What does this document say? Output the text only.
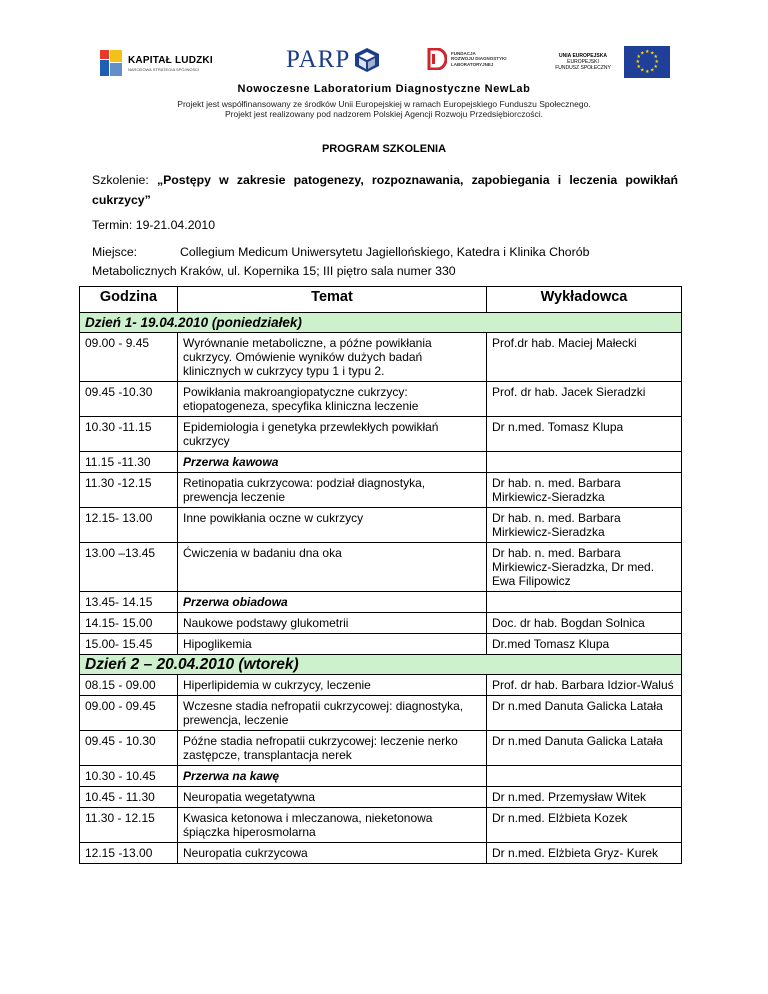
KAPITAŁ LUDZKI
NARODOWA STRATEGIA SPÓJNOŚCI	PARP	FUNDACJA
ROZWOJU DIAGNOSTYKI
LABORATORYJNEJ
UNIA EUROPEJSKA
EUROPEJSKI
FUNDUSZ SPOŁECZNY
★ ★
★
★
★
★
★
★
★
★
★
★
Nowoczesne Laboratorium Diagnostyczne NewLab
Projekt jest współfinansowany ze środków Unii Europejskiej w ramach Europejskiego Funduszu Społecznego.
Projekt jest realizowany pod nadzorem Polskiej Agencji Rozwoju Przedsiębiorczości.
PROGRAM SZKOLENIA
Szkolenie: „Postępy w zakresie patogenezy, rozpoznawania, zapobiegania i leczenia powikłań cukrzycy”
Termin: 19-21.04.2010
Miejsce:	Collegium Medicum Uniwersytetu Jagiellońskiego, Katedra i Klinika Chorób
Metabolicznych Kraków, ul. Kopernika 15; III piętro sala numer 330
Godzina	Temat	Wykładowca
Dzień 1- 19.04.2010 (poniedziałek)		
09.00 - 9.45	Wyrównanie metaboliczne, a późne powikłania cukrzycy. Omówienie wyników dużych badań klinicznych w cukrzycy typu 1 i typu 2.	Prof.dr hab. Maciej Małecki
09.45 -10.30	Powikłania makroangiopatyczne cukrzycy: etiopatogeneza, specyfika kliniczna leczenie	Prof. dr hab. Jacek Sieradzki
10.30 -11.15	Epidemiologia i genetyka przewlekłych powikłań cukrzycy	Dr n.med. Tomasz Klupa
11.15 -11.30	Przerwa kawowa	
11.30 -12.15	Retinopatia cukrzycowa: podział diagnostyka, prewencja leczenie	Dr hab. n. med. Barbara Mirkiewicz-Sieradzka
12.15- 13.00	Inne powikłania oczne w cukrzycy	Dr hab. n. med. Barbara Mirkiewicz-Sieradzka
13.00 –13.45	Ćwiczenia w badaniu dna oka	Dr hab. n. med. Barbara Mirkiewicz-Sieradzka, Dr med. Ewa Filipowicz
13.45- 14.15	Przerwa obiadowa	
14.15- 15.00	Naukowe podstawy glukometrii	Doc. dr hab. Bogdan Solnica
15.00- 15.45	Hipoglikemia	Dr.med Tomasz Klupa
Dzień 2 – 20.04.2010 (wtorek)		
08.15 - 09.00	Hiperlipidemia w cukrzycy, leczenie	Prof. dr hab. Barbara Idzior-Waluś
09.00 - 09.45	Wczesne stadia nefropatii cukrzycowej: diagnostyka, prewencja, leczenie	Dr n.med Danuta Galicka Latała
09.45 - 10.30	Późne stadia nefropatii cukrzycowej: leczenie nerko zastępcze, transplantacja nerek	Dr n.med Danuta Galicka Latała
10.30 - 10.45	Przerwa na kawę	
10.45 - 11.30	Neuropatia wegetatywna	Dr n.med. Przemysław Witek
11.30 - 12.15	Kwasica ketonowa i mleczanowa, nieketonowa śpiączka hiperosmolarna	Dr n.med. Elżbieta Kozek
12.15 -13.00	Neuropatia cukrzycowa	Dr n.med. Elżbieta Gryz- Kurek
